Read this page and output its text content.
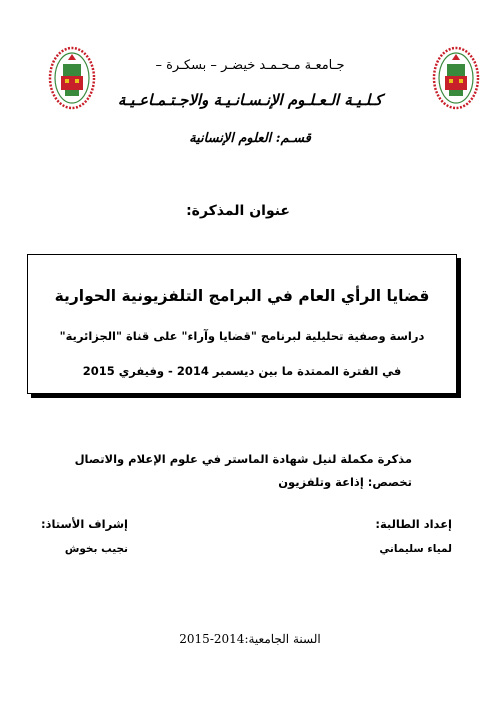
جـامعـة مـحـمـد خيضـر – بسكـرة –
كـلـيـة الـعـلـوم الإنـسـانـيـة والاجـتـمـاعـيـة
قسـم: العلوم الإنسانية
عنوان المذكرة:
قضايا الرأي العام في البرامج التلفزيونية الحوارية
دراسة وصفية تحليلية لبرنامج "قضايا وآراء" على قناة "الجزائرية"
في الفترة الممتدة ما بين ديسمبر 2014 - وفيفري 2015
مذكرة مكملة لنيل شهادة الماستر في علوم الإعلام والاتصال
تخصص: إذاعة وتلفزيون
إعداد الطالبة:
لمياء سليماني
إشراف الأستاذ:
نجيب بخوش
السنة الجامعية:2014-2015
